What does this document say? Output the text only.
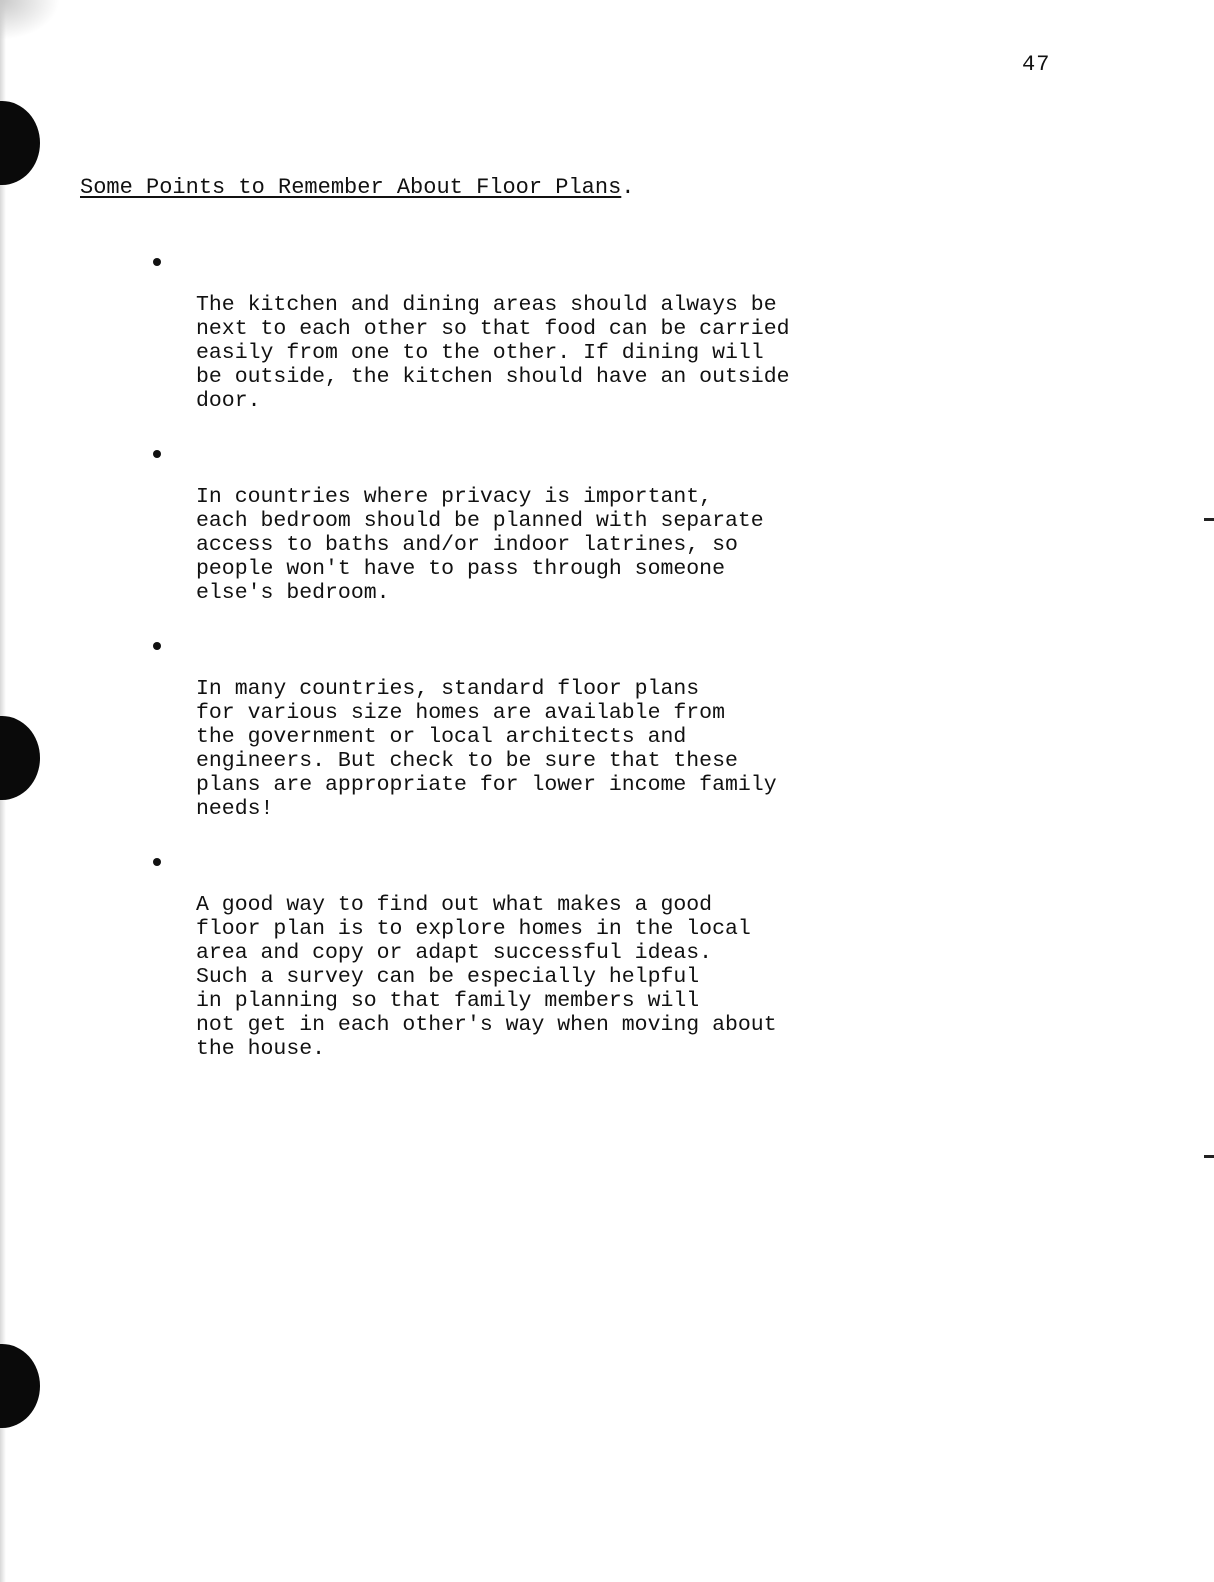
47
Some Points to Remember About Floor Plans.

The kitchen and dining areas should always be
next to each other so that food can be carried
easily from one to the other. If dining will
be outside, the kitchen should have an outside
door.

In countries where privacy is important,
each bedroom should be planned with separate
access to baths and/or indoor latrines, so
people won't have to pass through someone
else's bedroom.

In many countries, standard floor plans
for various size homes are available from
the government or local architects and
engineers. But check to be sure that these
plans are appropriate for lower income family
needs!

A good way to find out what makes a good
floor plan is to explore homes in the local
area and copy or adapt successful ideas.
Such a survey can be especially helpful
in planning so that family members will
not get in each other's way when moving about
the house.
